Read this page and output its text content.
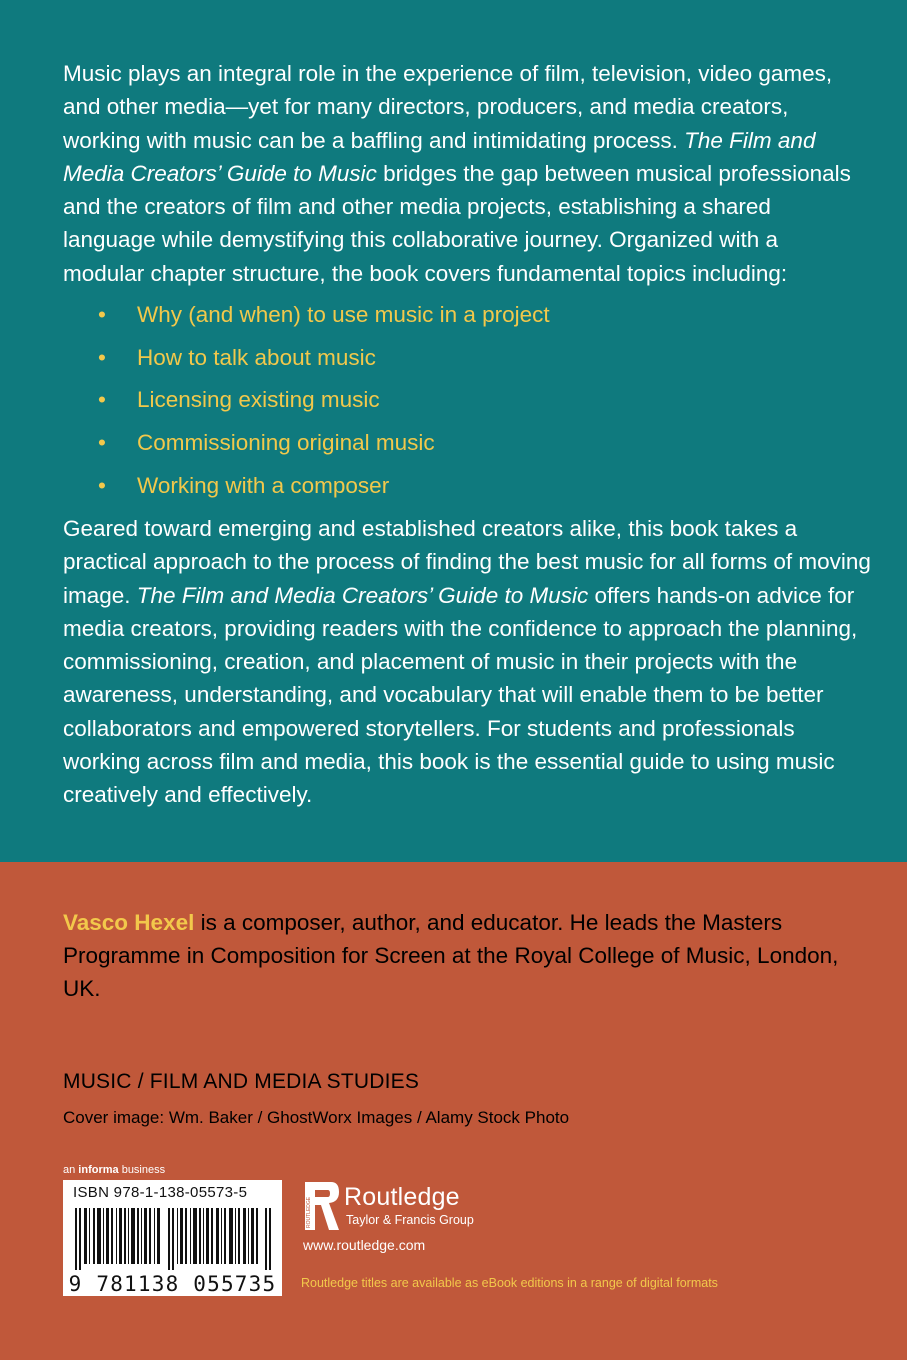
Music plays an integral role in the experience of film, television, video games, and other media—yet for many directors, producers, and media creators, working with music can be a baffling and intimidating process. The Film and Media Creators’ Guide to Music bridges the gap between musical professionals and the creators of film and other media projects, establishing a shared language while demystifying this collaborative journey. Organized with a modular chapter structure, the book covers fundamental topics including:

• Why (and when) to use music in a project
• How to talk about music
• Licensing existing music
• Commissioning original music
• Working with a composer

Geared toward emerging and established creators alike, this book takes a practical approach to the process of finding the best music for all forms of moving image. The Film and Media Creators’ Guide to Music offers hands-on advice for media creators, providing readers with the confidence to approach the planning, commissioning, creation, and placement of music in their projects with the awareness, understanding, and vocabulary that will enable them to be better collaborators and empowered storytellers. For students and professionals working across film and media, this book is the essential guide to using music creatively and effectively.

Vasco Hexel is a composer, author, and educator. He leads the Masters Programme in Composition for Screen at the Royal College of Music, London, UK.

MUSIC / FILM AND MEDIA STUDIES
Cover image: Wm. Baker / GhostWorx Images / Alamy Stock Photo
an informa business
ISBN 978-1-138-05573-5
9 781138 055735
ROUTLEDGE Routledge
Taylor & Francis Group
www.routledge.com
Routledge titles are available as eBook editions in a range of digital formats
